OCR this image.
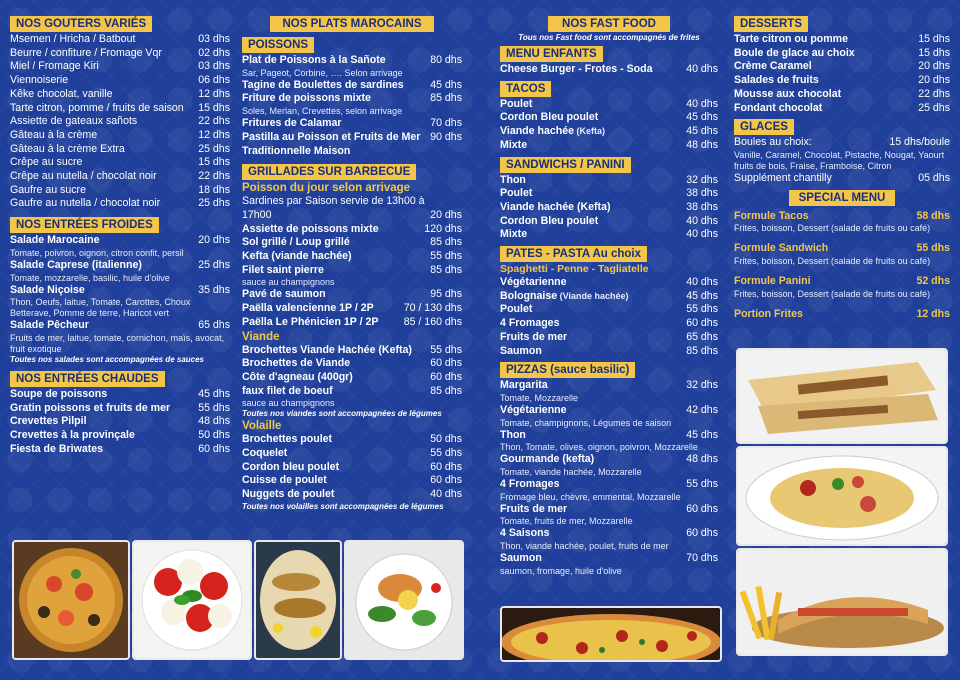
NOS GOUTERS VARIÉS
Msemen / Hricha / Batbout	03 dhs
Beurre / confiture / Fromage Vqr	02 dhs
Miel / Fromage Kiri	03 dhs
Viennoiserie	06 dhs
Kêke chocolat, vanille	12 dhs
Tarte citron, pomme / fruits de saison	15 dhs
Assiette de gateaux sañots	22 dhs
Gâteau à la crème	12 dhs
Gâteau à la crème Extra	25 dhs
Crêpe au sucre	15 dhs
Crêpe au nutella / chocolat noir	22 dhs
Gaufre au sucre	18 dhs
Gaufre au nutella / chocolat noir	25 dhs
NOS ENTRÉES FROIDES
Salade Marocaine	20 dhs
Tomate, poivron, oignon, citron confit, persil
Salade Caprese (italienne)	25 dhs
Tomate, mozzarelle, basilic, huile d'olive
Salade Niçoise	35 dhs
Thon, Oeufs, laitue, Tomate, Carottes, Choux Betterave, Pomme de terre, Haricot vert
Salade Pêcheur	65 dhs
Fruits de mer, laitue, tomate, cornichon, maïs, avocat, fruit exotique
Toutes nos salades sont accompagnées de sauces
NOS ENTRÉES CHAUDES
Soupe de poissons	45 dhs
Gratin poissons et fruits de mer	55 dhs
Crevettes Pilpil	48 dhs
Crevettes à la provinçale	50 dhs
Fiesta de Briwates	60 dhs
NOS PLATS MAROCAINS
POISSONS
Plat de Poissons à la Sañote	80 dhs
Sar, Pageot, Corbine, …. Selon arrivage
Tagine de Boulettes de sardines	45 dhs
Friture de poissons mixte	85 dhs
Soles, Merlan, Crevettes, selon arrivage
Fritures de Calamar	70 dhs
Pastilla au Poisson et Fruits de Mer 90 dhs
Traditionnelle Maison
GRILLADES SUR BARBECUE
Poisson du jour selon arrivage
Sardines par Saison servie de 13h00 à
17h00	20 dhs
Assiette de poissons mixte	120 dhs
Sol grillé / Loup grillé	85 dhs
Kefta (viande hachée)	55 dhs
Filet saint pierre	85 dhs
sauce au champignons
Pavé de saumon	95 dhs
Paëlla valencienne 1P / 2P	70 / 130 dhs
Paëlla Le Phénicien 1P / 2P	85 / 160 dhs
Viande
Brochettes Viande Hachée (Kefta)	55 dhs
Brochettes de Viande	60 dhs
Côte d'agneau (400gr)	60 dhs
faux filet de boeuf	85 dhs
sauce au champignons
Toutes nos viandes sont accompagnées de légumes
Volaille
Brochettes poulet	50 dhs
Coquelet	55 dhs
Cordon bleu poulet	60 dhs
Cuisse de poulet	60 dhs
Nuggets de poulet	40 dhs
Toutes nos volailles sont accompagnées de légumes
NOS FAST FOOD
Tous nos Fast food sont accompagnés de frites
MENU ENFANTS
Cheese Burger - Frotes - Soda	40 dhs
TACOS
Poulet	40 dhs
Cordon Bleu poulet	45 dhs
Viande hachée (Kefta)	45 dhs
Mixte	48 dhs
SANDWICHS / PANINI
Thon	32 dhs
Poulet	38 dhs
Viande hachée (Kefta)	38 dhs
Cordon Bleu poulet	40 dhs
Mixte	40 dhs
PATES - PASTA Au choix
Spaghetti - Penne - Tagliatelle
Végétarienne	40 dhs
Bolognaise (Viande hachée)	45 dhs
Poulet	55 dhs
4 Fromages	60 dhs
Fruits de mer	65 dhs
Saumon	85 dhs
PIZZAS (sauce basilic)
Margarita	32 dhs
Tomate, Mozzarelle
Végétarienne	42 dhs
Tomate, champignons, Légumes de saison
Thon	45 dhs
Thon, Tomate, olives, oignon, poivron, Mozzarelle
Gourmande (kefta)	48 dhs
Tomate, viande hachée, Mozzarelle
4 Fromages	55 dhs
Fromage bleu, chèvre, emmental, Mozzarelle
Fruits de mer	60 dhs
Tomate, fruits de mer, Mozzarelle
4 Saisons	60 dhs
Thon, viande hachée, poulet, fruits de mer
Saumon	70 dhs
saumon, fromage, huile d'olive
DESSERTS
Tarte citron ou pomme	15 dhs
Boule de glace au choix	15 dhs
Crème Caramel	20 dhs
Salades de fruits	20 dhs
Mousse aux chocolat	22 dhs
Fondant chocolat	25 dhs
GLACES
Boules au choix:	15 dhs/boule
Vanille, Caramel, Chocolat, Pistache, Nougat, Yaourt fruits de bois, Fraise, Framboise, Citron
Supplément chantilly	05 dhs
SPECIAL MENU
Formule Tacos	58 dhs
Frites, boisson, Dessert (salade de fruits ou café)
Formule Sandwich	55 dhs
Frites, boisson, Dessert (salade de fruits ou café)
Formule Panini	52 dhs
Frites, boisson, Dessert (salade de fruits ou café)
Portion Frites	12 dhs
